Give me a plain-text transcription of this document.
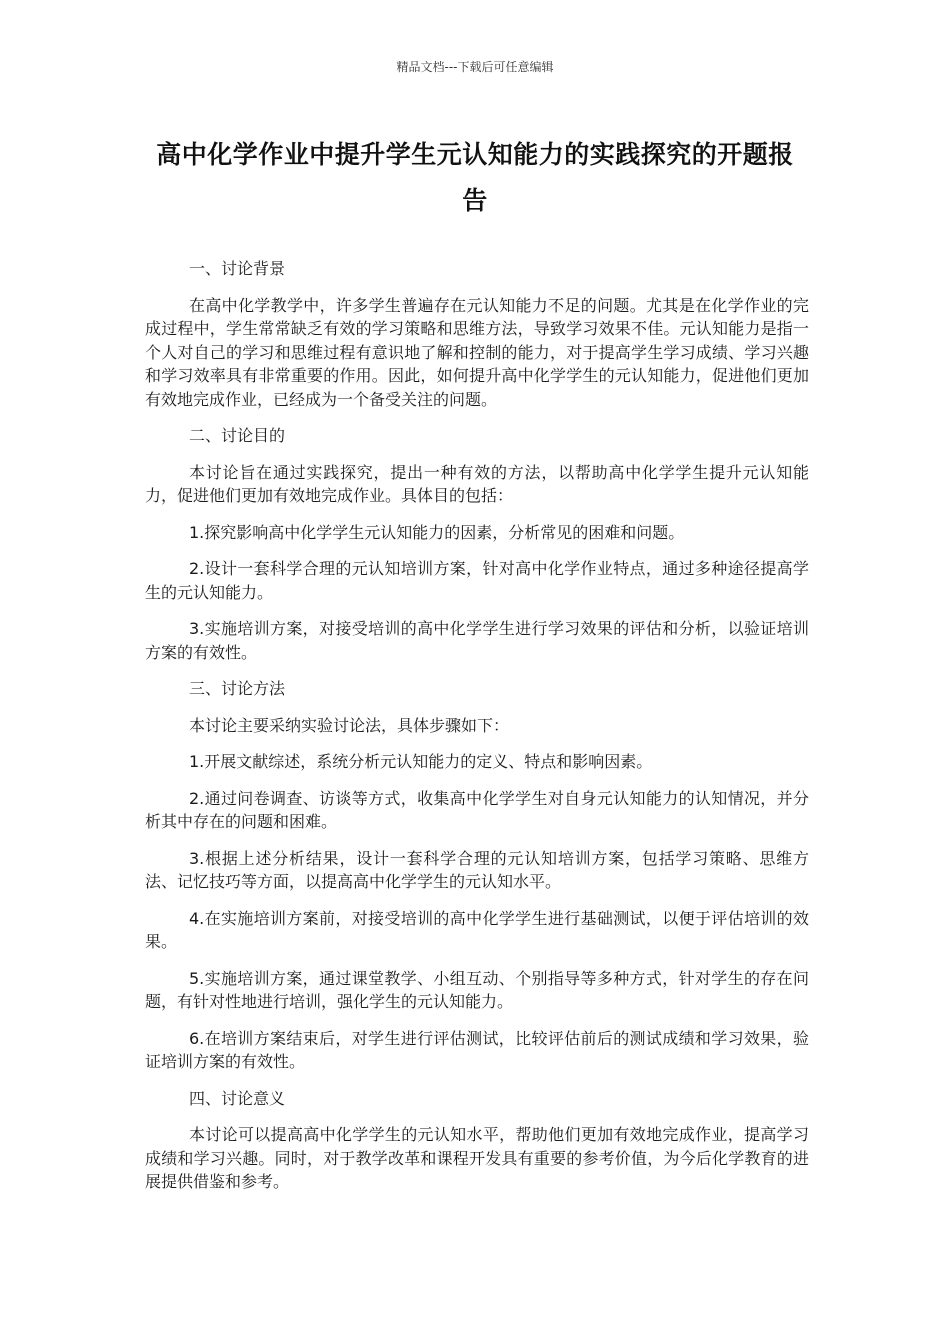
精品文档---下载后可任意编辑
高中化学作业中提升学生元认知能力的实践探究的开题报告

一、讨论背景

在高中化学教学中，许多学生普遍存在元认知能力不足的问题。尤其是在化学作业的完成过程中，学生常常缺乏有效的学习策略和思维方法，导致学习效果不佳。元认知能力是指一个人对自己的学习和思维过程有意识地了解和控制的能力，对于提高学生学习成绩、学习兴趣和学习效率具有非常重要的作用。因此，如何提升高中化学学生的元认知能力，促进他们更加有效地完成作业，已经成为一个备受关注的问题。

二、讨论目的

本讨论旨在通过实践探究，提出一种有效的方法，以帮助高中化学学生提升元认知能力，促进他们更加有效地完成作业。具体目的包括：

1.探究影响高中化学学生元认知能力的因素，分析常见的困难和问题。

2.设计一套科学合理的元认知培训方案，针对高中化学作业特点，通过多种途径提高学生的元认知能力。

3.实施培训方案，对接受培训的高中化学学生进行学习效果的评估和分析，以验证培训方案的有效性。

三、讨论方法

本讨论主要采纳实验讨论法，具体步骤如下：

1.开展文献综述，系统分析元认知能力的定义、特点和影响因素。

2.通过问卷调查、访谈等方式，收集高中化学学生对自身元认知能力的认知情况，并分析其中存在的问题和困难。

3.根据上述分析结果，设计一套科学合理的元认知培训方案，包括学习策略、思维方法、记忆技巧等方面，以提高高中化学学生的元认知水平。

4.在实施培训方案前，对接受培训的高中化学学生进行基础测试，以便于评估培训的效果。

5.实施培训方案，通过课堂教学、小组互动、个别指导等多种方式，针对学生的存在问题，有针对性地进行培训，强化学生的元认知能力。

6.在培训方案结束后，对学生进行评估测试，比较评估前后的测试成绩和学习效果，验证培训方案的有效性。

四、讨论意义

本讨论可以提高高中化学学生的元认知水平，帮助他们更加有效地完成作业，提高学习成绩和学习兴趣。同时，对于教学改革和课程开发具有重要的参考价值，为今后化学教育的进展提供借鉴和参考。
